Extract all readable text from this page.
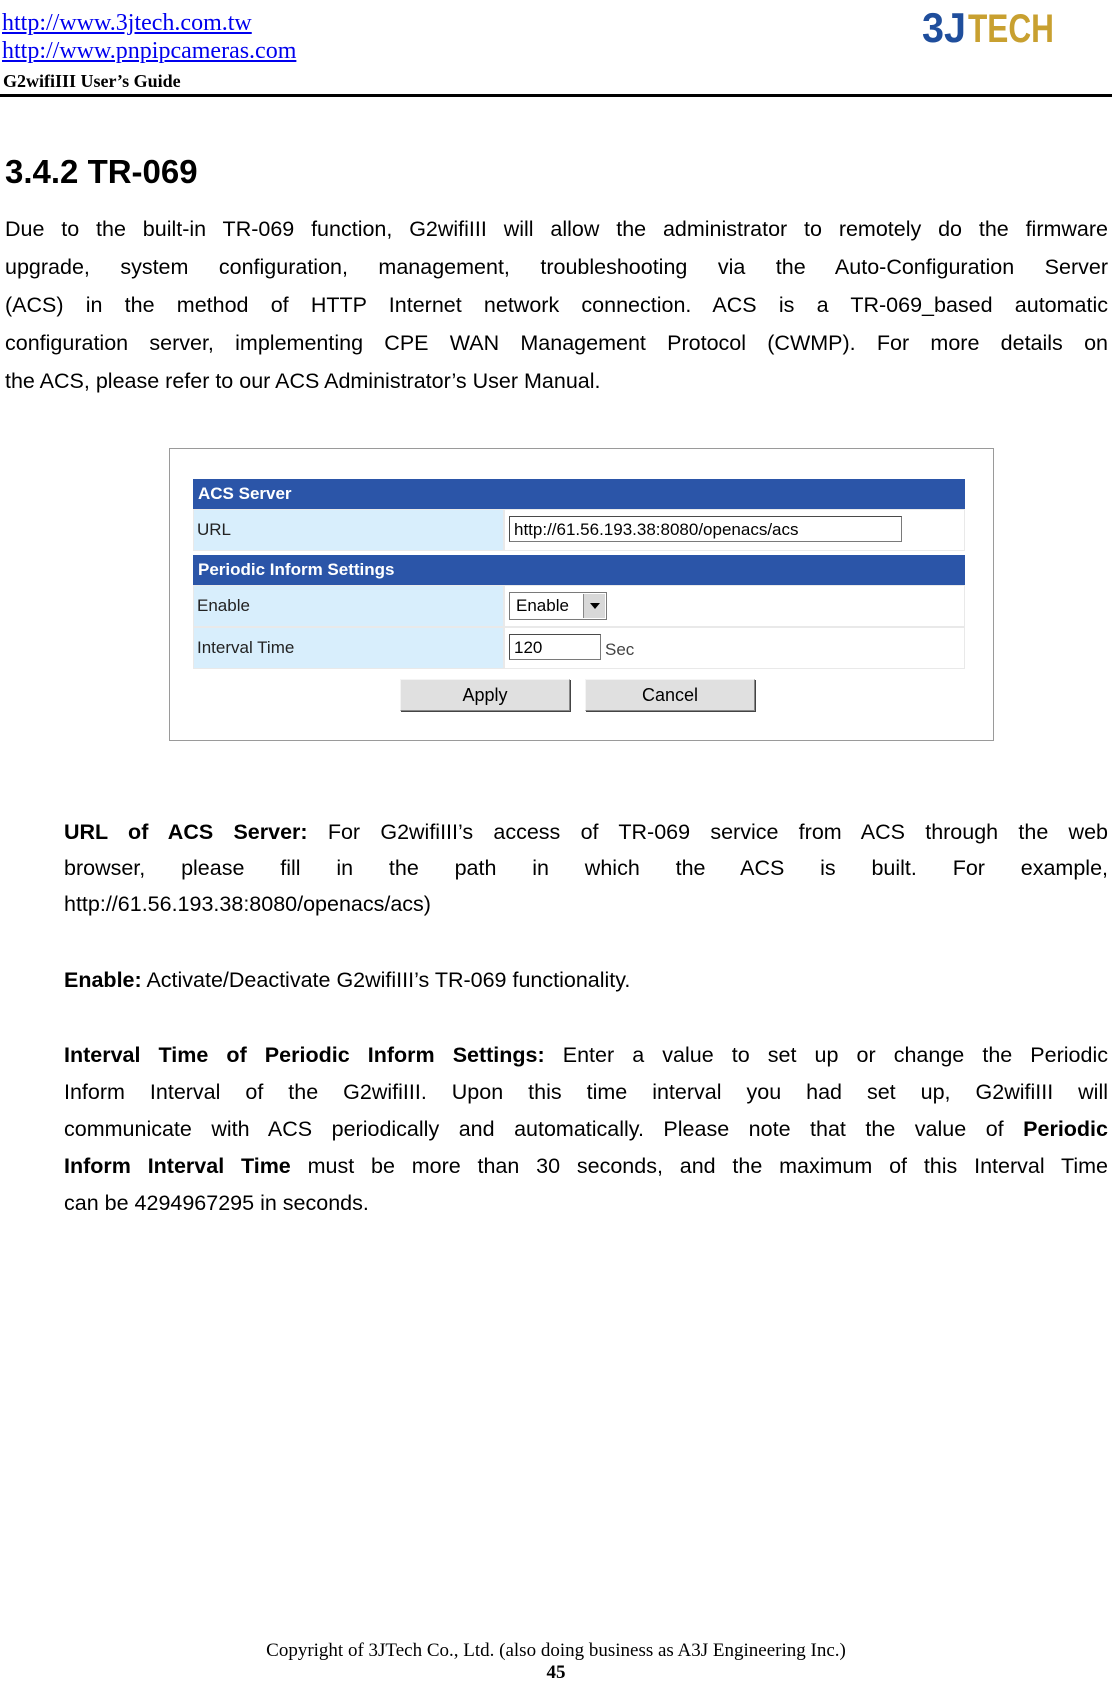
http://www.3jtech.com.tw
http://www.pnpipcameras.com
G2wifiIII User’s Guide
3J TECH
3.4.2 TR-069

Due to the built-in TR-069 function, G2wifiIII will allow the administrator to remotely do the firmware

upgrade, system configuration, management, troubleshooting via the Auto-Configuration Server

(ACS) in the method of HTTP Internet network connection. ACS is a TR-069_based automatic

configuration server, implementing CPE WAN Management Protocol (CWMP). For more details on

the ACS, please refer to our ACS Administrator’s User Manual.

ACS Server
URL	http://61.56.193.38:8080/openacs/acs
Periodic Inform Settings
Enable	Enable
Interval Time	120	Sec
Apply	Cancel

URL of ACS Server: For G2wifiIII’s access of TR-069 service from ACS through the web

browser, please fill in the path in which the ACS is built. For example,

http://61.56.193.38:8080/openacs/acs)

Enable: Activate/Deactivate G2wifiIII’s TR-069 functionality.

Interval Time of Periodic Inform Settings: Enter a value to set up or change the Periodic

Inform Interval of the G2wifiIII. Upon this time interval you had set up, G2wifiIII will

communicate with ACS periodically and automatically. Please note that the value of Periodic

Inform Interval Time must be more than 30 seconds, and the maximum of this Interval Time

can be 4294967295 in seconds.

Copyright of 3JTech Co., Ltd. (also doing business as A3J Engineering Inc.)
45
